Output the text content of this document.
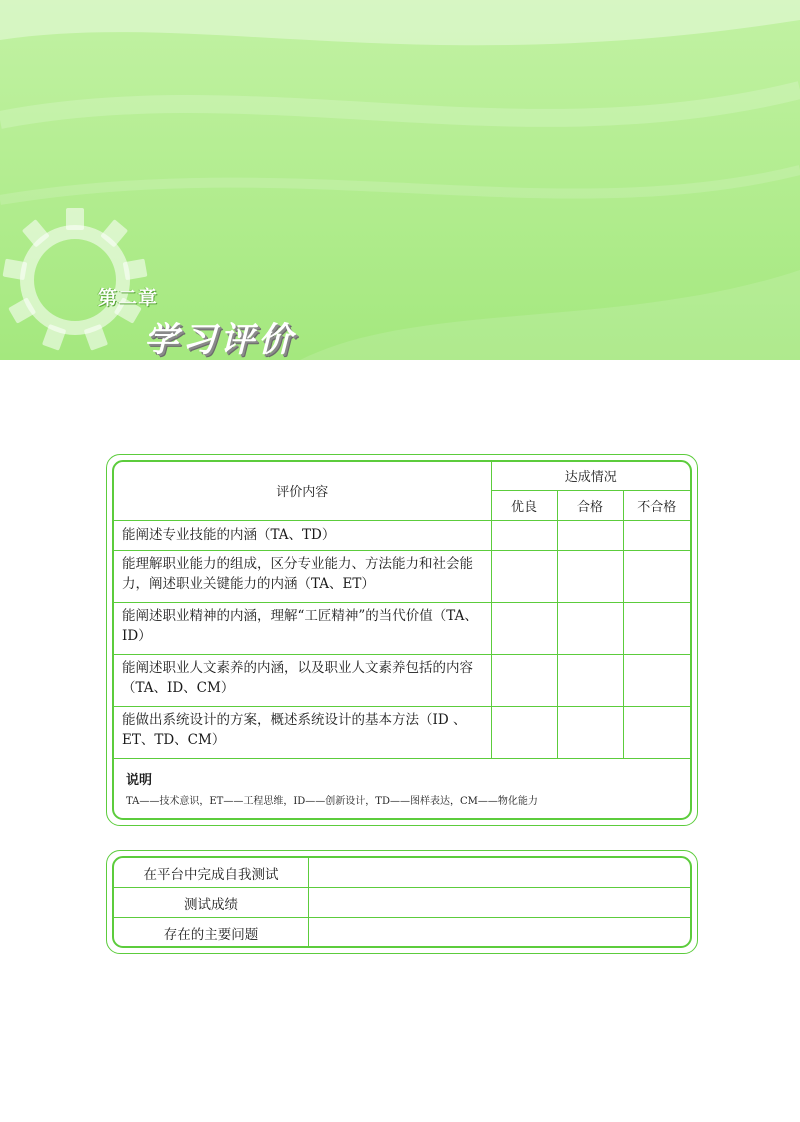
第二章
学习评价
评价内容	达成情况		
	优良	合格	不合格
能阐述专业技能的内涵（TA、TD）			
能理解职业能力的组成，区分专业能力、方法能力和社会能力，阐述职业关键能力的内涵（TA、ET）			
能阐述职业精神的内涵，理解“工匠精神”的当代价值（TA、ID）			
能阐述职业人文素养的内涵，以及职业人文素养包括的内容（TA、ID、CM）			
能做出系统设计的方案，概述系统设计的基本方法（ID 、ET、TD、CM）			
说明
TA——技术意识，ET——工程思维，ID——创新设计，TD——图样表达，CM——物化能力
在平台中完成自我测试	
测试成绩	
存在的主要问题	
